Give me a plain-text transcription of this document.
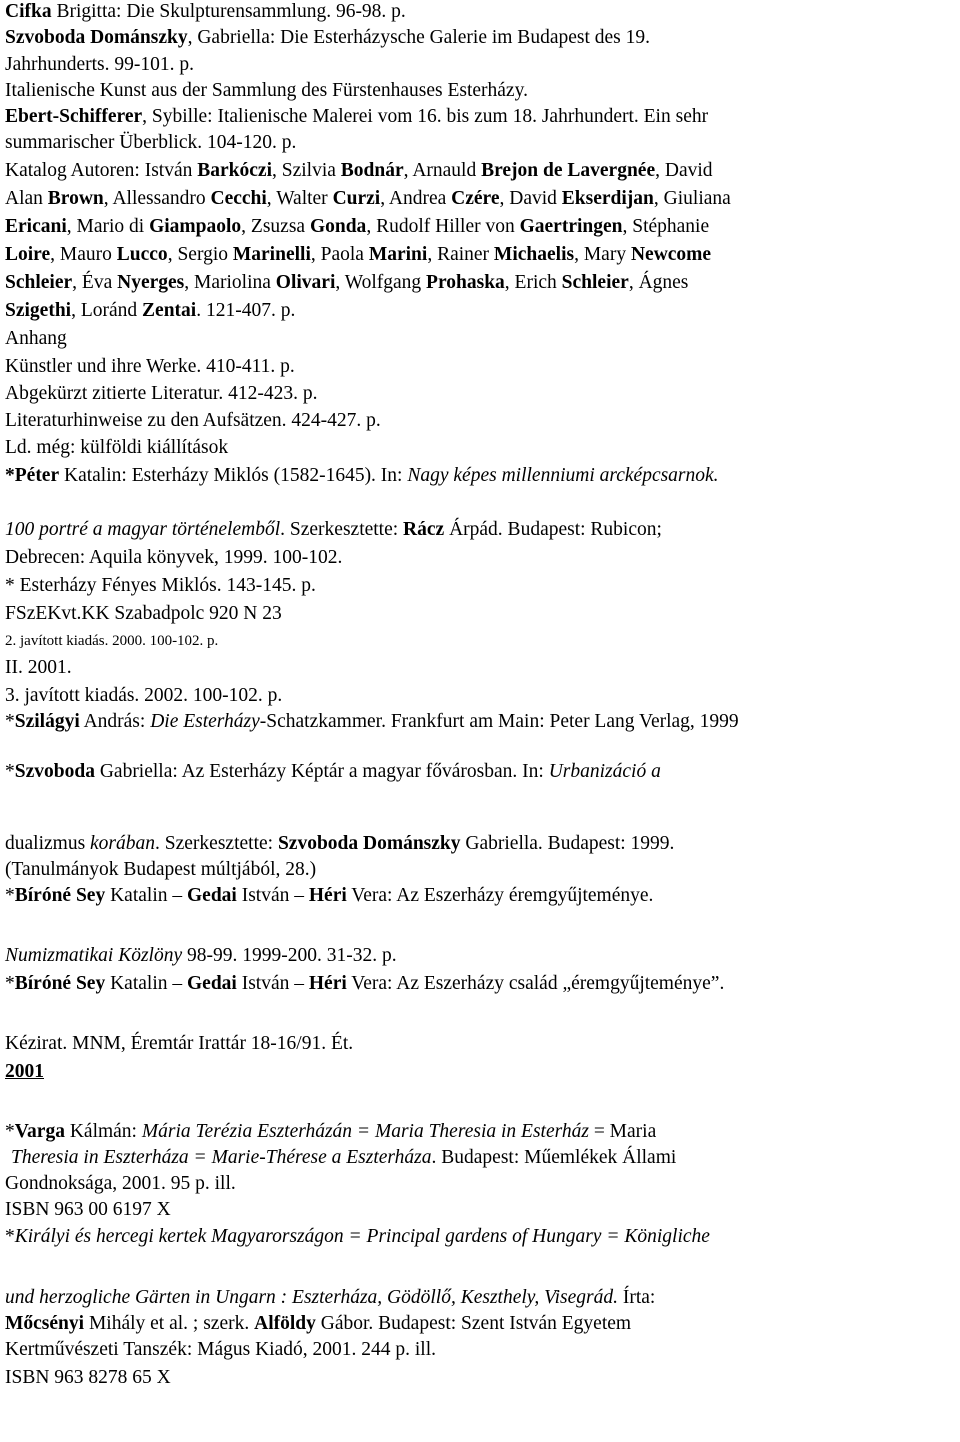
Cifka Brigitta: Die Skulpturensammlung. 96-98. p.

Szvoboda Dománszky, Gabriella: Die Esterházysche Galerie im Budapest des 19.

Jahrhunderts. 99-101. p.

Italienische Kunst aus der Sammlung des Fürstenhauses Esterházy.

Ebert-Schifferer, Sybille: Italienische Malerei vom 16. bis zum 18. Jahrhundert. Ein sehr

summarischer Überblick. 104-120. p.

Katalog Autoren: István Barkóczi, Szilvia Bodnár, Arnauld Brejon de Lavergnée, David

Alan Brown, Allessandro Cecchi, Walter Curzi, Andrea Czére, David Ekserdijan, Giuliana

Ericani, Mario di Giampaolo, Zsuzsa Gonda, Rudolf Hiller von Gaertringen, Stéphanie

Loire, Mauro Lucco, Sergio Marinelli, Paola Marini, Rainer Michaelis, Mary Newcome

Schleier, Éva Nyerges, Mariolina Olivari, Wolfgang Prohaska, Erich Schleier, Ágnes

Szigethi, Loránd Zentai. 121-407. p.

Anhang

Künstler und ihre Werke. 410-411. p.

Abgekürzt zitierte Literatur. 412-423. p.

Literaturhinweise zu den Aufsätzen. 424-427. p.

Ld. még: külföldi kiállítások

*Péter Katalin: Esterházy Miklós (1582-1645). In: Nagy képes millenniumi arcképcsarnok.

100 portré a magyar történelemből. Szerkesztette: Rácz Árpád. Budapest: Rubicon;

Debrecen: Aquila könyvek, 1999. 100-102.

* Esterházy Fényes Miklós. 143-145. p.

FSzEKvt.KK Szabadpolc 920 N 23

2. javított kiadás. 2000. 100-102. p.

II. 2001.

3. javított kiadás. 2002. 100-102. p.

*Szilágyi András: Die Esterházy-Schatzkammer. Frankfurt am Main: Peter Lang Verlag, 1999

*Szvoboda Gabriella: Az Esterházy Képtár a magyar fővárosban. In: Urbanizáció a

dualizmus korában. Szerkesztette: Szvoboda Dománszky Gabriella. Budapest: 1999.

(Tanulmányok Budapest múltjából, 28.)

*Bíróné Sey Katalin – Gedai István – Héri Vera: Az Eszerházy éremgyűjteménye.

Numizmatikai Közlöny 98-99. 1999-200. 31-32. p.

*Bíróné Sey Katalin – Gedai István – Héri Vera: Az Eszerházy család „éremgyűjteménye”.

Kézirat. MNM, Éremtár Irattár 18-16/91. Ét.

2001

*Varga Kálmán: Mária Terézia Eszterházán = Maria Theresia in Esterház = Maria

Theresia in Eszterháza = Marie-Thérese a Eszterháza. Budapest: Műemlékek Állami

Gondnoksága, 2001. 95 p. ill.

ISBN 963 00 6197 X

*Királyi és hercegi kertek Magyarországon = Principal gardens of Hungary = Königliche

und herzogliche Gärten in Ungarn : Eszterháza, Gödöllő, Keszthely, Visegrád. Írta:

Mőcsényi Mihály et al. ; szerk. Alföldy Gábor. Budapest: Szent István Egyetem

Kertművészeti Tanszék: Mágus Kiadó, 2001. 244 p. ill.

ISBN 963 8278 65 X
